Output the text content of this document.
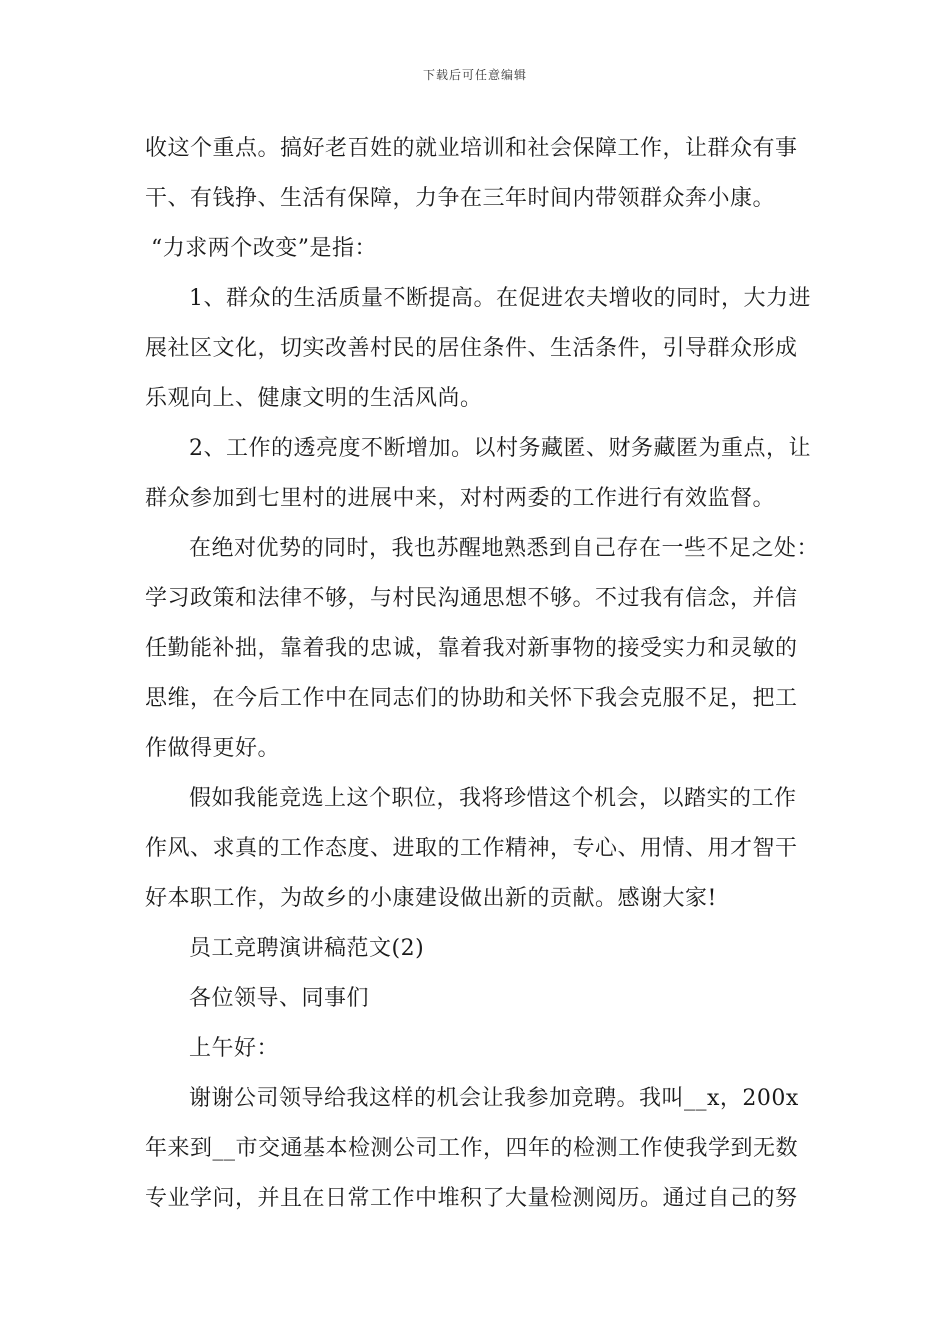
下载后可任意编辑
收这个重点。搞好老百姓的就业培训和社会保障工作，让群众有事
干、有钱挣、生活有保障，力争在三年时间内带领群众奔小康。
“力求两个改变”是指：
1、群众的生活质量不断提高。在促进农夫增收的同时，大力进
展社区文化，切实改善村民的居住条件、生活条件，引导群众形成
乐观向上、健康文明的生活风尚。
2、工作的透亮度不断增加。以村务藏匿、财务藏匿为重点，让
群众参加到七里村的进展中来，对村两委的工作进行有效监督。
在绝对优势的同时，我也苏醒地熟悉到自己存在一些不足之处：
学习政策和法律不够，与村民沟通思想不够。不过我有信念，并信
任勤能补拙，靠着我的忠诚，靠着我对新事物的接受实力和灵敏的
思维，在今后工作中在同志们的协助和关怀下我会克服不足，把工
作做得更好。
假如我能竞选上这个职位，我将珍惜这个机会，以踏实的工作
作风、求真的工作态度、进取的工作精神，专心、用情、用才智干
好本职工作，为故乡的小康建设做出新的贡献。感谢大家!
员工竞聘演讲稿范文(2)
各位领导、同事们
上午好：
谢谢公司领导给我这样的机会让我参加竞聘。我叫__x，200x
年来到__市交通基本检测公司工作，四年的检测工作使我学到无数
专业学问，并且在日常工作中堆积了大量检测阅历。通过自己的努
